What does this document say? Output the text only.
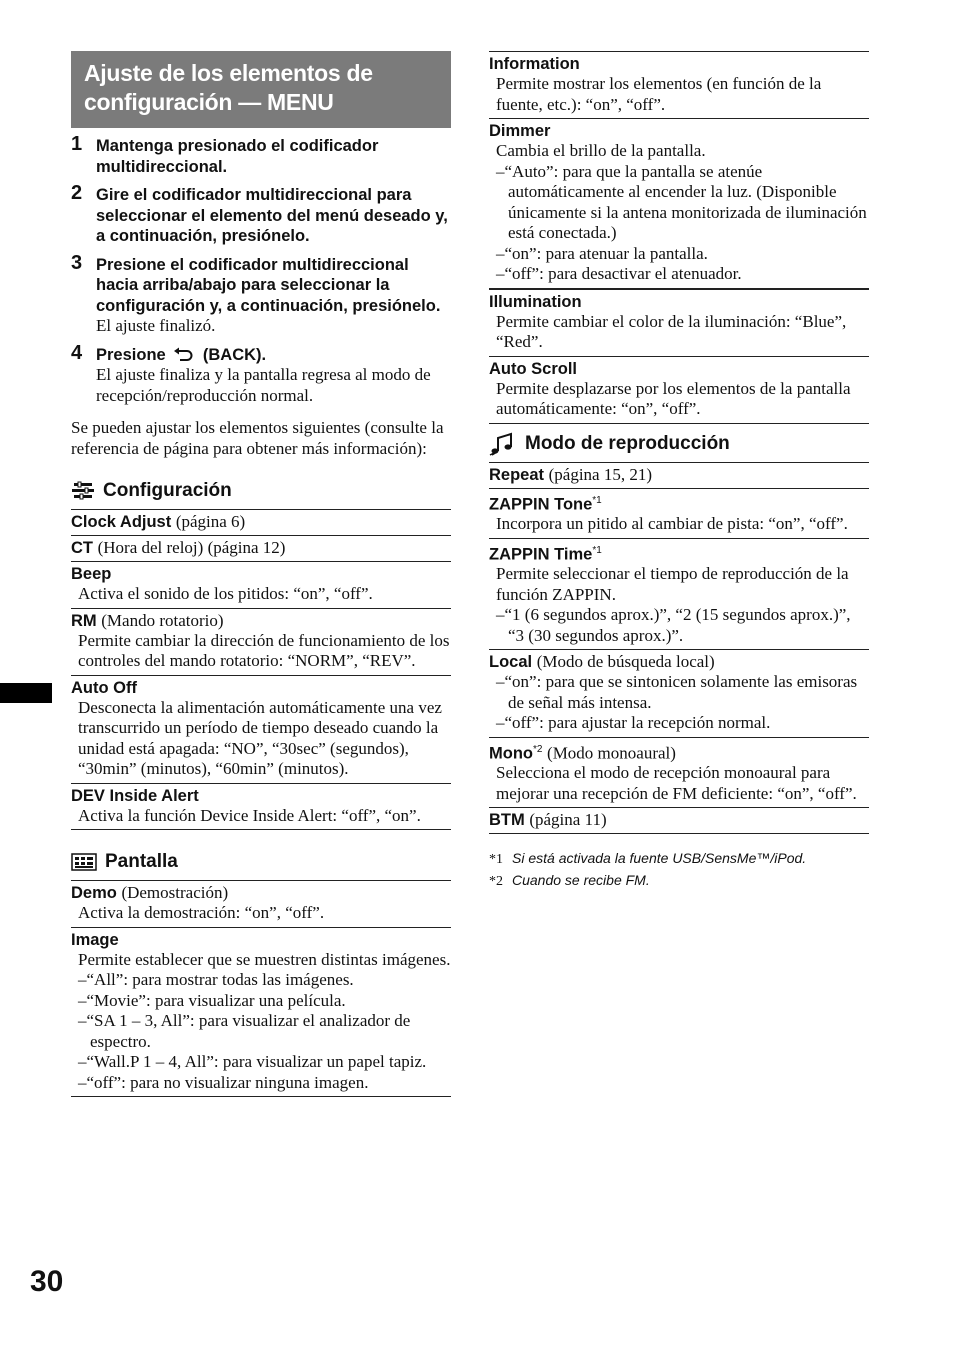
Ajuste de los elementos de configuración — MENU
1 Mantenga presionado el codificador multidireccional.
2 Gire el codificador multidireccional para seleccionar el elemento del menú deseado y, a continuación, presiónelo.
3 Presione el codificador multidireccional hacia arriba/abajo para seleccionar la configuración y, a continuación, presiónelo.
El ajuste finalizó.
4 Presione (BACK).
El ajuste finaliza y la pantalla regresa al modo de recepción/reproducción normal.
Se pueden ajustar los elementos siguientes (consulte la referencia de página para obtener más información):
Configuración
Clock Adjust (página 6)
CT (Hora del reloj) (página 12)
Beep
Activa el sonido de los pitidos: “on”, “off”.
RM (Mando rotatorio)
Permite cambiar la dirección de funcionamiento de los controles del mando rotatorio: “NORM”, “REV”.
Auto Off
Desconecta la alimentación automáticamente una vez transcurrido un período de tiempo deseado cuando la unidad está apagada: “NO”, “30sec” (segundos), “30min” (minutos), “60min” (minutos).
DEV Inside Alert
Activa la función Device Inside Alert: “off”, “on”.
Pantalla
Demo (Demostración)
Activa la demostración: “on”, “off”.
Image
Permite establecer que se muestren distintas imágenes.
–“All”: para mostrar todas las imágenes.
–“Movie”: para visualizar una película.
–“SA 1 – 3, All”: para visualizar el analizador de espectro.
–“Wall.P 1 – 4, All”: para visualizar un papel tapiz.
–“off”: para no visualizar ninguna imagen.
Information
Permite mostrar los elementos (en función de la fuente, etc.): “on”, “off”.
Dimmer
Cambia el brillo de la pantalla.
–“Auto”: para que la pantalla se atenúe automáticamente al encender la luz. (Disponible únicamente si la antena monitorizada de iluminación está conectada.)
–“on”: para atenuar la pantalla.
–“off”: para desactivar el atenuador.
Illumination
Permite cambiar el color de la iluminación: “Blue”, “Red”.
Auto Scroll
Permite desplazarse por los elementos de la pantalla automáticamente: “on”, “off”.
Modo de reproducción
Repeat (página 15, 21)
ZAPPIN Tone$^{*1}$
Incorpora un pitido al cambiar de pista: “on”, “off”.
ZAPPIN Time$^{*1}$
Permite seleccionar el tiempo de reproducción de la función ZAPPIN.
–“1 (6 segundos aprox.)”, “2 (15 segundos aprox.)”, “3 (30 segundos aprox.)”.
Local (Modo de búsqueda local)
–“on”: para que se sintonicen solamente las emisoras de señal más intensa.
–“off”: para ajustar la recepción normal.
Mono$^{*2}$ (Modo monoaural)
Selecciona el modo de recepción monoaural para mejorar una recepción de FM deficiente: “on”, “off”.
BTM (página 11)
*1 Si está activada la fuente USB/SensMe™/iPod.
*2 Cuando se recibe FM.
30
